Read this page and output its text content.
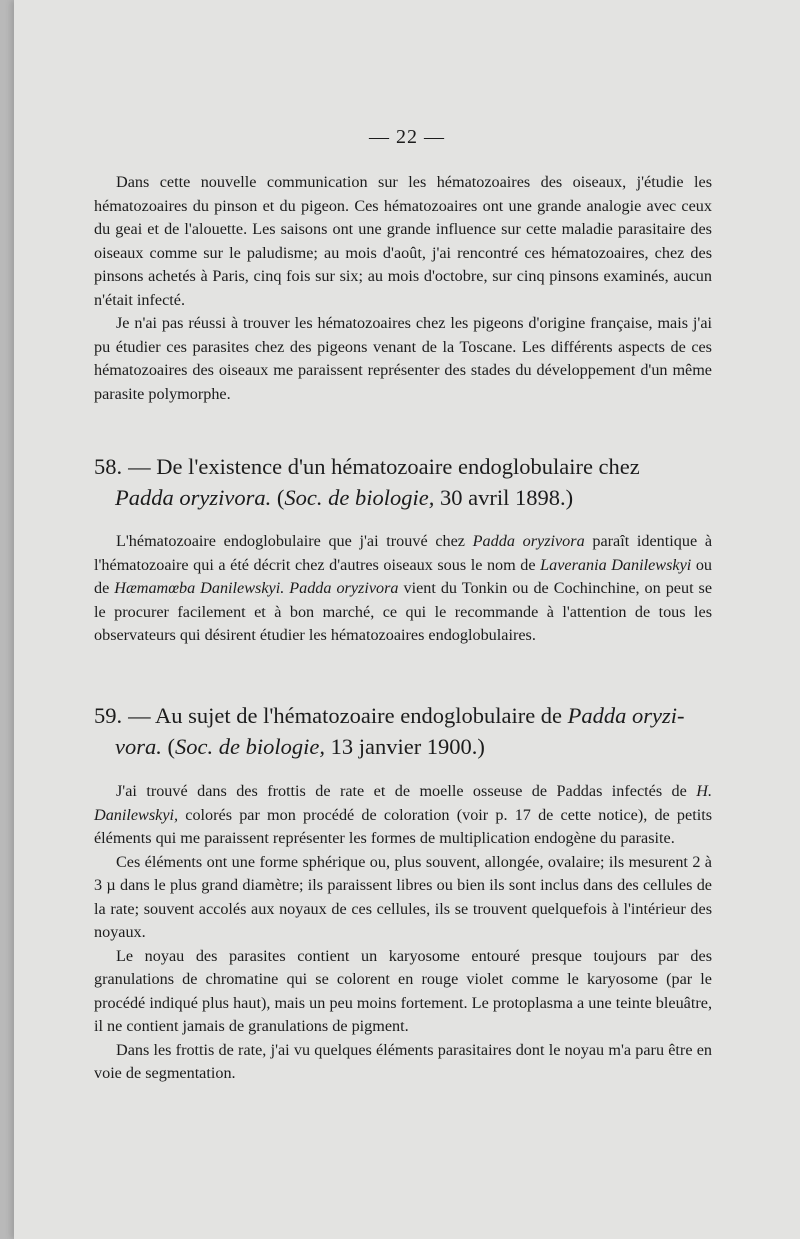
— 22 —

Dans cette nouvelle communication sur les hématozoaires des oiseaux, j'étudie les hématozoaires du pinson et du pigeon. Ces hématozoaires ont une grande analogie avec ceux du geai et de l'alouette. Les saisons ont une grande influence sur cette maladie parasitaire des oiseaux comme sur le paludisme; au mois d'août, j'ai rencontré ces hématozoaires, chez des pinsons achetés à Paris, cinq fois sur six; au mois d'octobre, sur cinq pinsons examinés, aucun n'était infecté.

Je n'ai pas réussi à trouver les hématozoaires chez les pigeons d'origine française, mais j'ai pu étudier ces parasites chez des pigeons venant de la Toscane. Les différents aspects de ces hématozoaires des oiseaux me paraissent représenter des stades du développement d'un même parasite polymorphe.

58. — De l'existence d'un hématozoaire endoglobulaire chez
Padda oryzivora. (Soc. de biologie, 30 avril 1898.)

L'hématozoaire endoglobulaire que j'ai trouvé chez Padda oryzivora paraît identique à l'hématozoaire qui a été décrit chez d'autres oiseaux sous le nom de Laverania Danilewskyi ou de Hæmamœba Danilewskyi. Padda oryzivora vient du Tonkin ou de Cochinchine, on peut se le procurer facilement et à bon marché, ce qui le recommande à l'attention de tous les observateurs qui désirent étudier les hématozoaires endoglobulaires.

59. — Au sujet de l'hématozoaire endoglobulaire de Padda oryzi-
vora. (Soc. de biologie, 13 janvier 1900.)

J'ai trouvé dans des frottis de rate et de moelle osseuse de Paddas infectés de H. Danilewskyi, colorés par mon procédé de coloration (voir p. 17 de cette notice), de petits éléments qui me paraissent représenter les formes de multiplication endogène du parasite.

Ces éléments ont une forme sphérique ou, plus souvent, allongée, ovalaire; ils mesurent 2 à 3 µ dans le plus grand diamètre; ils paraissent libres ou bien ils sont inclus dans des cellules de la rate; souvent accolés aux noyaux de ces cellules, ils se trouvent quelquefois à l'intérieur des noyaux.

Le noyau des parasites contient un karyosome entouré presque toujours par des granulations de chromatine qui se colorent en rouge violet comme le karyosome (par le procédé indiqué plus haut), mais un peu moins fortement. Le protoplasma a une teinte bleuâtre, il ne contient jamais de granulations de pigment.

Dans les frottis de rate, j'ai vu quelques éléments parasitaires dont le noyau m'a paru être en voie de segmentation.
